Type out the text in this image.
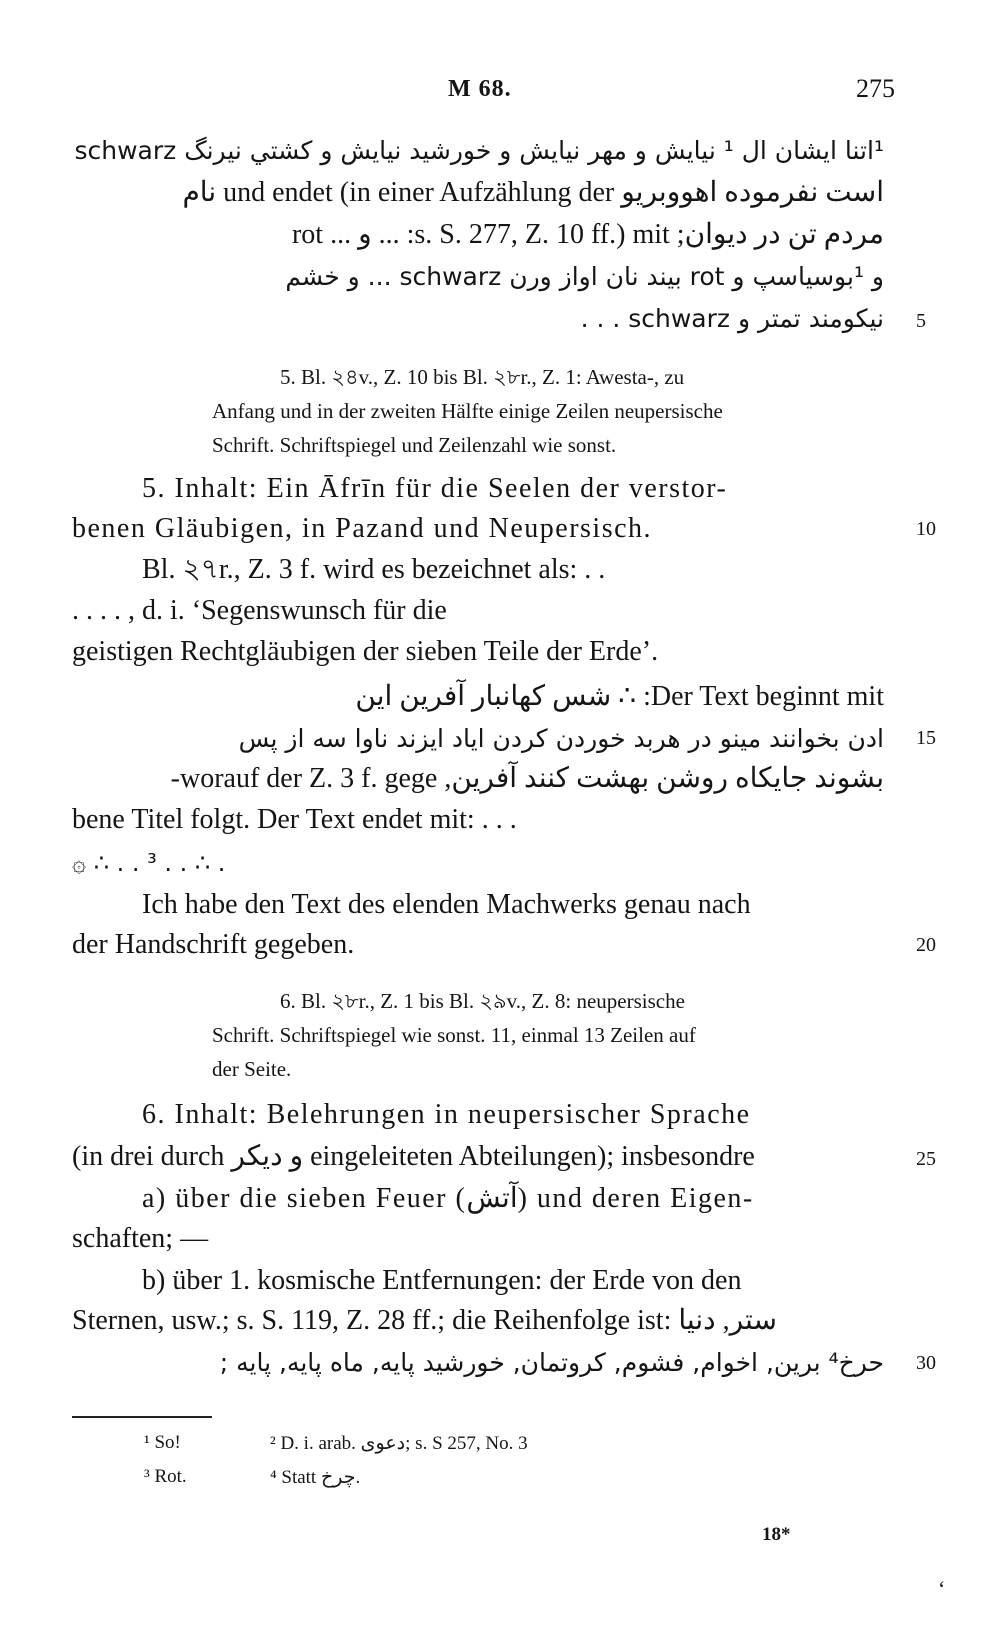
M 68.	275
¹اتنا ایشان ال ¹ نیایش و مهر نیایش و خورشید نیایش و کشتي نیرنگ schwarz
است نفرموده اهووبریو und endet (in einer Aufzählung der نام
مردم تن در دیوان; s. S. 277, Z. 10 ff.) mit: ... و ... rot
و ¹بوسیاسپ و rot بیند نان اواز ورن schwarz ... و خشم
نیکومند تمتر و schwarz . . . 5
5. Bl. ২৪v., Z. 10 bis Bl. ২৮r., Z. 1: Awesta-, zu
Anfang und in der zweiten Hälfte einige Zeilen neupersische
Schrift. Schriftspiegel und Zeilenzahl wie sonst.
5. Inhalt: Ein Āfrīn für die Seelen der verstor-
benen Gläubigen, in Pazand und Neupersisch.	10
Bl. ২৭r., Z. 3 f. wird es bezeichnet als: . .
. . . . , d. i. ‘Segenswunsch für die
geistigen Rechtgläubigen der sieben Teile der Erde’.
Der Text beginnt mit: ∴ شس کهانبار آفرین این
ادن بخوانند مینو در هربد خوردن کردن ایاد ایزند ناوا سه از پس 15
بشوند جایکاه روشن بهشت کنند آفرین, worauf der Z. 3 f. gege-
bene Titel folgt. Der Text endet mit: . . .
۞ ∴ . . ³ . . ∴ .
Ich habe den Text des elenden Machwerks genau nach
der Handschrift gegeben.	20
6. Bl. ২৮r., Z. 1 bis Bl. ২৯v., Z. 8: neupersische
Schrift. Schriftspiegel wie sonst. 11, einmal 13 Zeilen auf
der Seite.
6. Inhalt: Belehrungen in neupersischer Sprache
(in drei durch و دیکر eingeleiteten Abteilungen); insbesondre	25
a) über die sieben Feuer (آتش) und deren Eigen-
schaften; —
b) über 1. kosmische Entfernungen: der Erde von den
Sternen, usw.; s. S. 119, Z. 28 ff.; die Reihenfolge ist: ستر, دنیا
حرخ⁴ برین, اخوام, فشوم, کروتمان, خورشید پایه, ماه پایه, پایه ; 30
¹ So!	² D. i. arab. دعوى; s. S 257, No. 3
³ Rot.	⁴ Statt چرخ.
18*
‘
